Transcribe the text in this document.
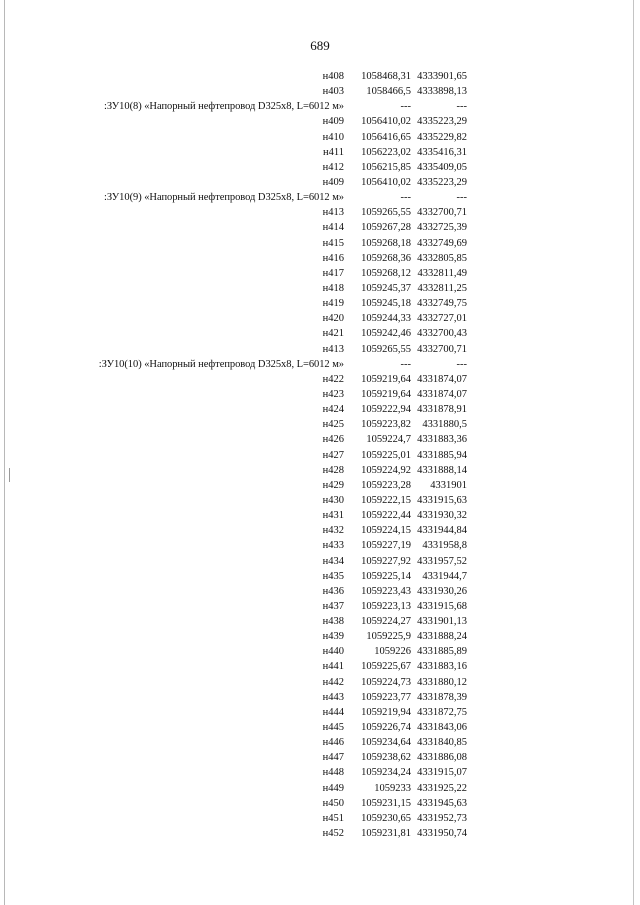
689
н408	1058468,31 4333901,65
н403	1058466,5 4333898,13
:ЗУ10(8) «Напорный нефтепровод D325x8, L=6012 м»	---	---
н409	1056410,02 4335223,29
н410	1056416,65 4335229,82
н411	1056223,02 4335416,31
н412	1056215,85 4335409,05
н409	1056410,02 4335223,29
:ЗУ10(9) «Напорный нефтепровод D325x8, L=6012 м»	---	---
н413	1059265,55 4332700,71
н414	1059267,28 4332725,39
н415	1059268,18 4332749,69
н416	1059268,36 4332805,85
н417	1059268,12 4332811,49
н418	1059245,37 4332811,25
н419	1059245,18 4332749,75
н420	1059244,33 4332727,01
н421	1059242,46 4332700,43
н413	1059265,55 4332700,71
:ЗУ10(10) «Напорный нефтепровод D325x8, L=6012 м»	---	---
н422	1059219,64 4331874,07
н423	1059219,64 4331874,07
н424	1059222,94 4331878,91
н425	1059223,82	4331880,5
н426	1059224,7 4331883,36
н427	1059225,01 4331885,94
н428	1059224,92 4331888,14
н429	1059223,28	4331901
н430	1059222,15 4331915,63
н431	1059222,44 4331930,32
н432	1059224,15 4331944,84
н433	1059227,19	4331958,8
н434	1059227,92 4331957,52
н435	1059225,14	4331944,7
н436	1059223,43 4331930,26
н437	1059223,13 4331915,68
н438	1059224,27 4331901,13
н439	1059225,9 4331888,24
н440	1059226 4331885,89
н441	1059225,67 4331883,16
н442	1059224,73 4331880,12
н443	1059223,77 4331878,39
н444	1059219,94 4331872,75
н445	1059226,74 4331843,06
н446	1059234,64 4331840,85
н447	1059238,62 4331886,08
н448	1059234,24 4331915,07
н449	1059233 4331925,22
н450	1059231,15 4331945,63
н451	1059230,65 4331952,73
н452	1059231,81 4331950,74
